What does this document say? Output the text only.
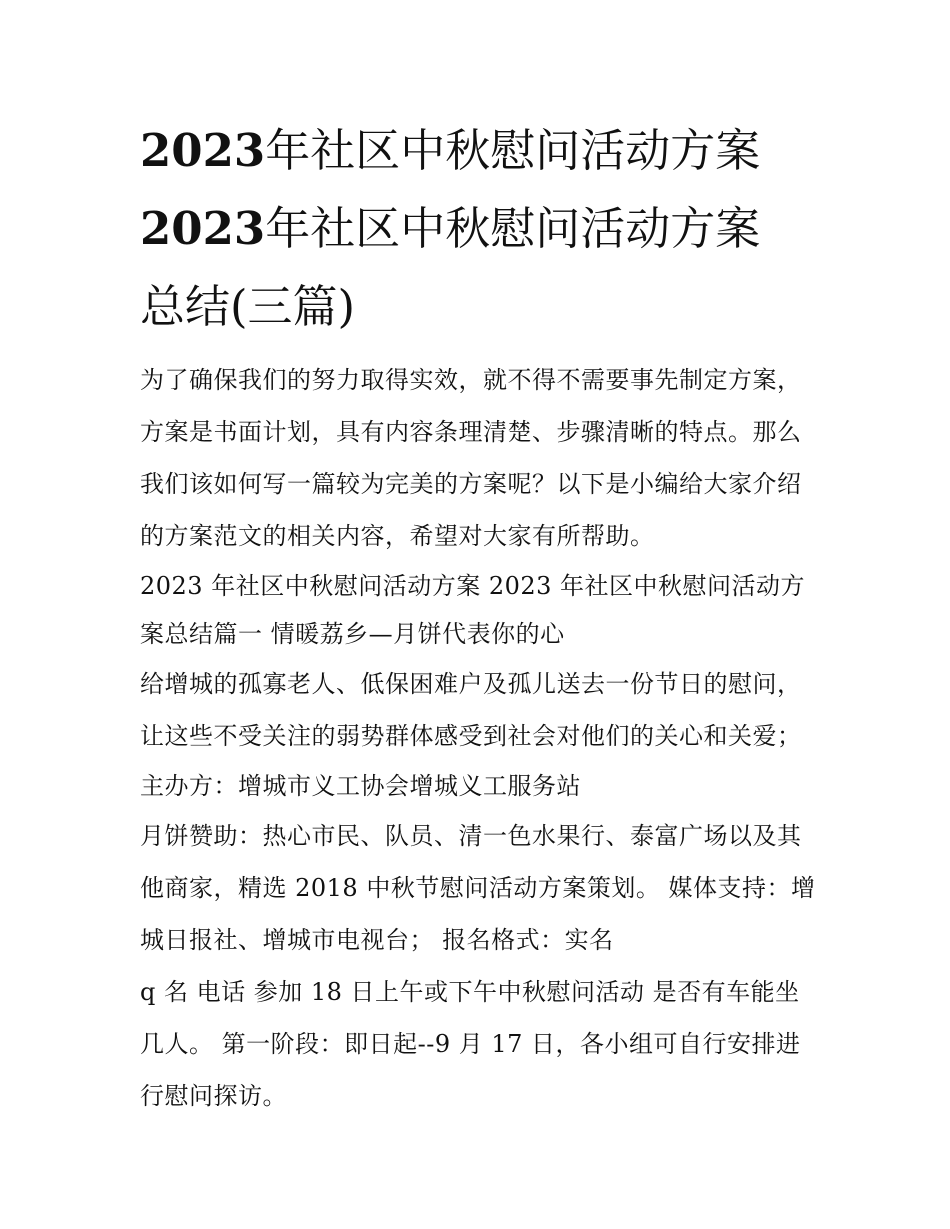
2023年社区中秋慰问活动方案
2023年社区中秋慰问活动方案
总结(三篇)

为了确保我们的努力取得实效，就不得不需要事先制定方案，方案是书面计划，具有内容条理清楚、步骤清晰的特点。那么我们该如何写一篇较为完美的方案呢？以下是小编给大家介绍的方案范文的相关内容，希望对大家有所帮助。

2023 年社区中秋慰问活动方案 2023 年社区中秋慰问活动方案总结篇一 情暖荔乡—月饼代表你的心

给增城的孤寡老人、低保困难户及孤儿送去一份节日的慰问，让这些不受关注的弱势群体感受到社会对他们的关心和关爱；

主办方：增城市义工协会增城义工服务站

月饼赞助：热心市民、队员、清一色水果行、泰富广场以及其他商家，精选 2018 中秋节慰问活动方案策划。 媒体支持：增城日报社、增城市电视台； 报名格式：实名

q 名 电话 参加 18 日上午或下午中秋慰问活动 是否有车能坐几人。 第一阶段：即日起--9 月 17 日，各小组可自行安排进行慰问探访。
